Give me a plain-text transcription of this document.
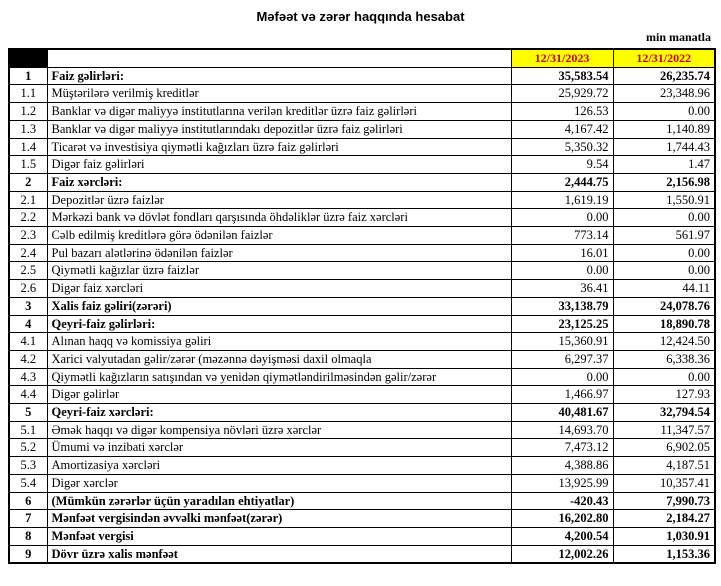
Məfəət və zərər haqqında hesabat
min manatla
		12/31/2023	12/31/2022
1	Faiz gəlirləri:	35,583.54	26,235.74
1.1	Müştərilərə verilmiş kreditlər	25,929.72	23,348.96
1.2	Banklar və digər maliyyə institutlarına verilən kreditlər üzrə faiz gəlirləri	126.53	0.00
1.3	Banklar və digər maliyyə institutlarındakı depozitlər üzrə faiz gəlirləri	4,167.42	1,140.89
1.4	Ticarət və investisiya qiymətli kağızları üzrə faiz gəlirləri	5,350.32	1,744.43
1.5	Digər faiz gəlirləri	9.54	1.47
2	Faiz xərcləri:	2,444.75	2,156.98
2.1	Depozitlər üzrə faizlər	1,619.19	1,550.91
2.2	Mərkəzi bank və dövlət fondları qarşısında öhdəliklər üzrə faiz xərcləri	0.00	0.00
2.3	Cəlb edilmiş kreditlərə görə ödənilən faizlər	773.14	561.97
2.4	Pul bazarı alətlərinə ödənilən faizlər	16.01	0.00
2.5	Qiymətli kağızlar üzrə faizlər	0.00	0.00
2.6	Digər faiz xərcləri	36.41	44.11
3	Xalis faiz gəliri(zərəri)	33,138.79	24,078.76
4	Qeyri-faiz gəlirləri:	23,125.25	18,890.78
4.1	Alınan haqq və komissiya gəliri	15,360.91	12,424.50
4.2	Xarici valyutadan gəlir/zərər (məzənnə dəyişməsi daxil olmaqla	6,297.37	6,338.36
4.3	Qiymətli kağızların satışından və yenidən qiymətləndirilməsindən gəlir/zərər	0.00	0.00
4.4	Digər gəlirlər	1,466.97	127.93
5	Qeyri-faiz xərcləri:	40,481.67	32,794.54
5.1	Əmək haqqı və digər kompensiya növləri üzrə xərclər	14,693.70	11,347.57
5.2	Ümumi və inzibati xərclər	7,473.12	6,902.05
5.3	Amortizasiya xərcləri	4,388.86	4,187.51
5.4	Digər xərclər	13,925.99	10,357.41
6	(Mümkün zərərlər üçün yaradılan ehtiyatlar)	-420.43	7,990.73
7	Mənfəət vergisindən əvvəlki mənfəət(zərər)	16,202.80	2,184.27
8	Mənfəət vergisi	4,200.54	1,030.91
9	Dövr üzrə xalis mənfəət	12,002.26	1,153.36
